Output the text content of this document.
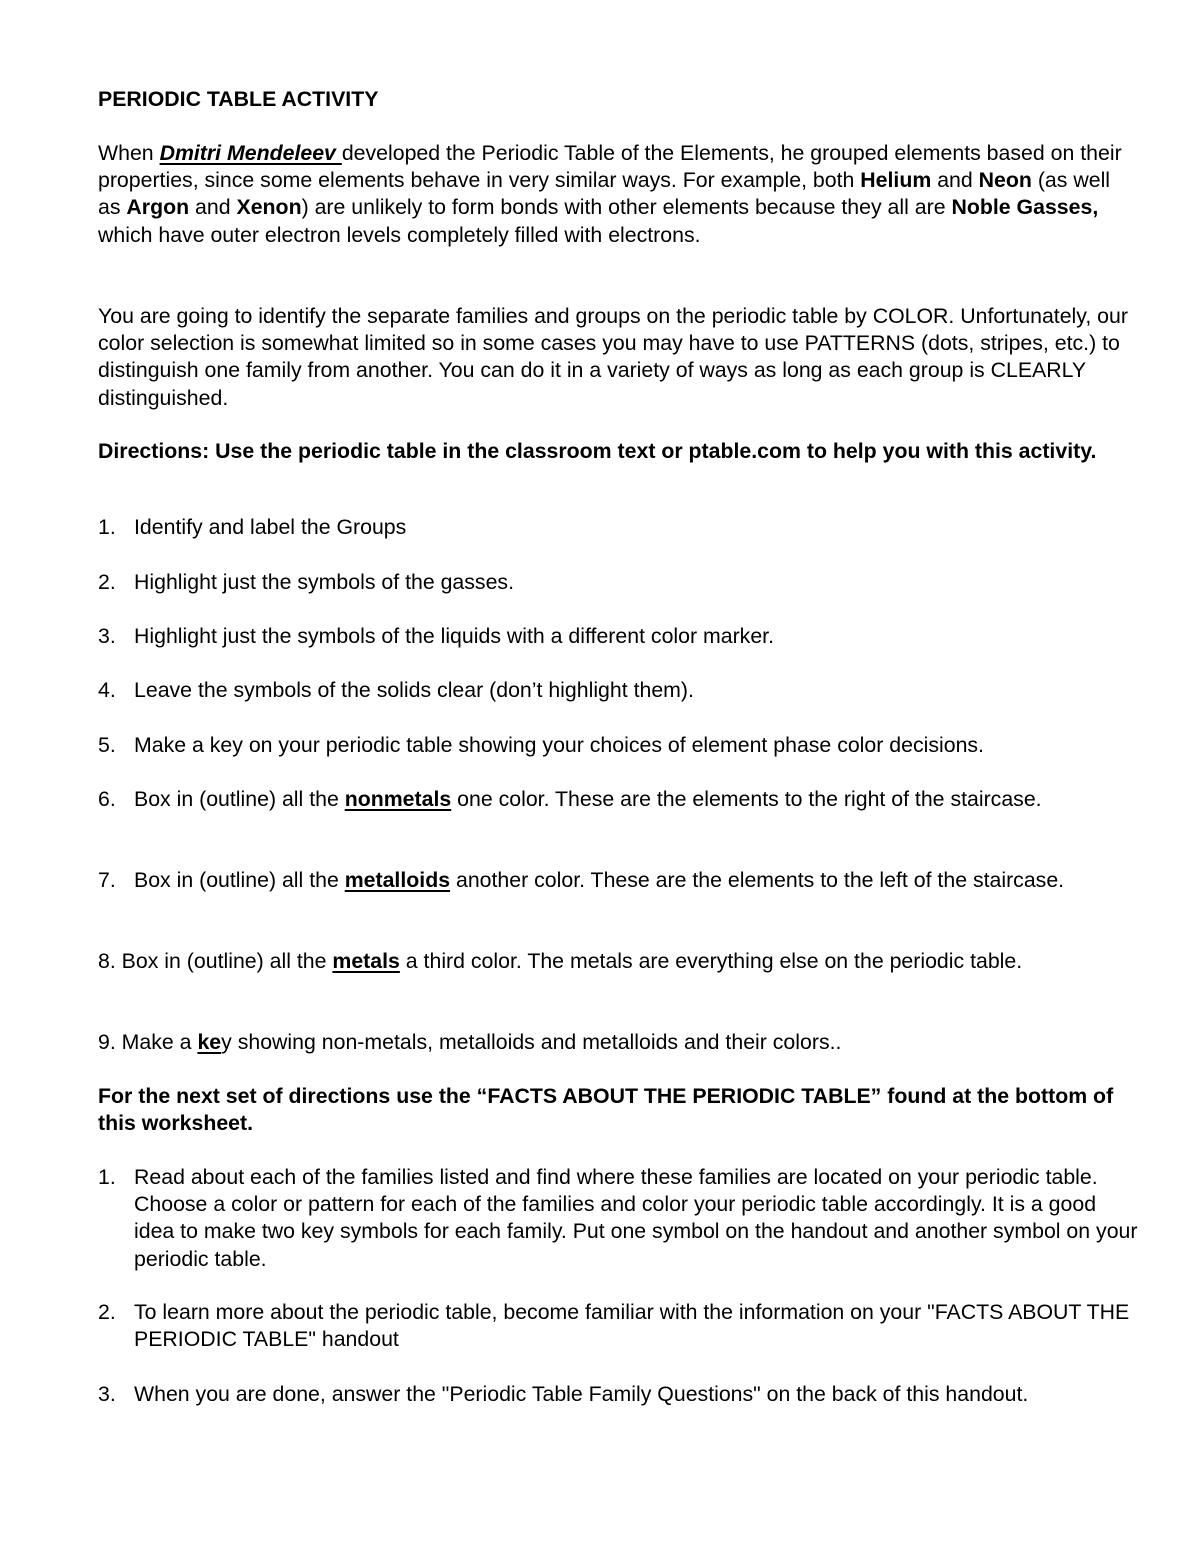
PERIODIC TABLE ACTIVITY

When Dmitri Mendeleev developed the Periodic Table of the Elements, he grouped elements based on their properties, since some elements behave in very similar ways. For example, both Helium and Neon (as well as Argon and Xenon) are unlikely to form bonds with other elements because they all are Noble Gasses, which have outer electron levels completely filled with electrons.

You are going to identify the separate families and groups on the periodic table by COLOR. Unfortunately, our color selection is somewhat limited so in some cases you may have to use PATTERNS (dots, stripes, etc.) to distinguish one family from another. You can do it in a variety of ways as long as each group is CLEARLY distinguished.

Directions: Use the periodic table in the classroom text or ptable.com to help you with this activity.

1. Identify and label the Groups
2. Highlight just the symbols of the gasses.
3. Highlight just the symbols of the liquids with a different color marker.
4. Leave the symbols of the solids clear (don’t highlight them).
5. Make a key on your periodic table showing your choices of element phase color decisions.
6. Box in (outline) all the nonmetals one color. These are the elements to the right of the staircase.
7. Box in (outline) all the metalloids another color. These are the elements to the left of the staircase.

8. Box in (outline) all the metals a third color. The metals are everything else on the periodic table.

9. Make a key showing non-metals, metalloids and metalloids and their colors..

For the next set of directions use the “FACTS ABOUT THE PERIODIC TABLE” found at the bottom of this worksheet.

1. Read about each of the families listed and find where these families are located on your periodic table. Choose a color or pattern for each of the families and color your periodic table accordingly. It is a good idea to make two key symbols for each family. Put one symbol on the handout and another symbol on your periodic table.
2. To learn more about the periodic table, become familiar with the information on your "FACTS ABOUT THE PERIODIC TABLE" handout
3. When you are done, answer the "Periodic Table Family Questions" on the back of this handout.
